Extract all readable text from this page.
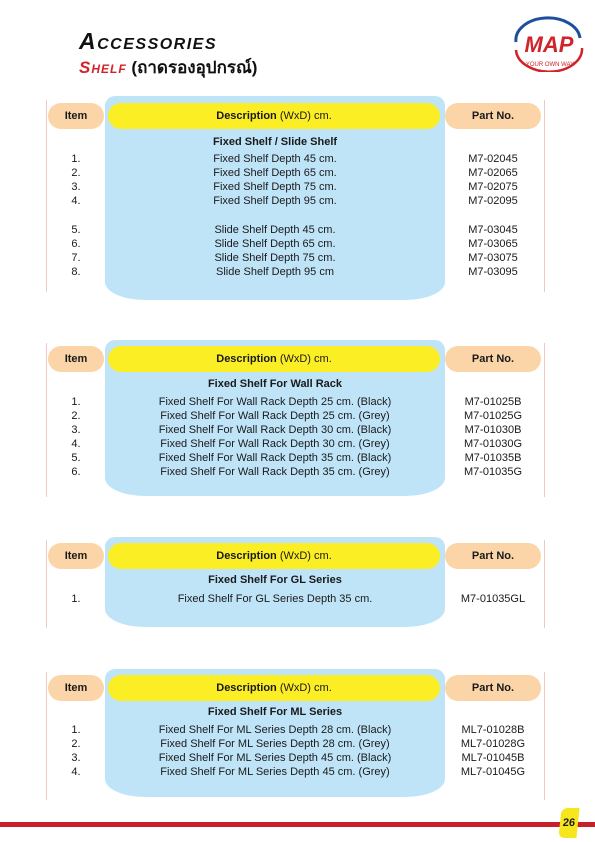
Accessories
Shelf (ถาดรองอุปกรณ์)
MAP
YOUR OWN WAY
Item	Description (WxD) cm.	Part No.
Fixed Shelf / Slide Shelf
1.	Fixed Shelf Depth 45 cm.	M7-02045
2.	Fixed Shelf Depth 65 cm.	M7-02065
3.	Fixed Shelf Depth 75 cm.	M7-02075
4.	Fixed Shelf Depth 95 cm.	M7-02095
5.	Slide Shelf Depth 45 cm.	M7-03045
6.	Slide Shelf Depth 65 cm.	M7-03065
7.	Slide Shelf Depth 75 cm.	M7-03075
8.	Slide Shelf Depth 95 cm	M7-03095
Item	Description (WxD) cm.	Part No.
Fixed Shelf For Wall Rack
1.	Fixed Shelf For Wall Rack Depth 25 cm. (Black)	M7-01025B
2.	Fixed Shelf For Wall Rack Depth 25 cm. (Grey)	M7-01025G
3.	Fixed Shelf For Wall Rack Depth 30 cm. (Black)	M7-01030B
4.	Fixed Shelf For Wall Rack Depth 30 cm. (Grey)	M7-01030G
5.	Fixed Shelf For Wall Rack Depth 35 cm. (Black)	M7-01035B
6.	Fixed Shelf For Wall Rack Depth 35 cm. (Grey)	M7-01035G
Item	Description (WxD) cm.	Part No.
Fixed Shelf For GL Series
1.	Fixed Shelf For GL Series Depth 35 cm.	M7-01035GL
Item	Description (WxD) cm.	Part No.
Fixed Shelf For ML Series
1.	Fixed Shelf For ML Series Depth 28 cm. (Black)	ML7-01028B
2.	Fixed Shelf For ML Series Depth 28 cm. (Grey)	ML7-01028G
3.	Fixed Shelf For ML Series Depth 45 cm. (Black)	ML7-01045B
4.	Fixed Shelf For ML Series Depth 45 cm. (Grey)	ML7-01045G
26
